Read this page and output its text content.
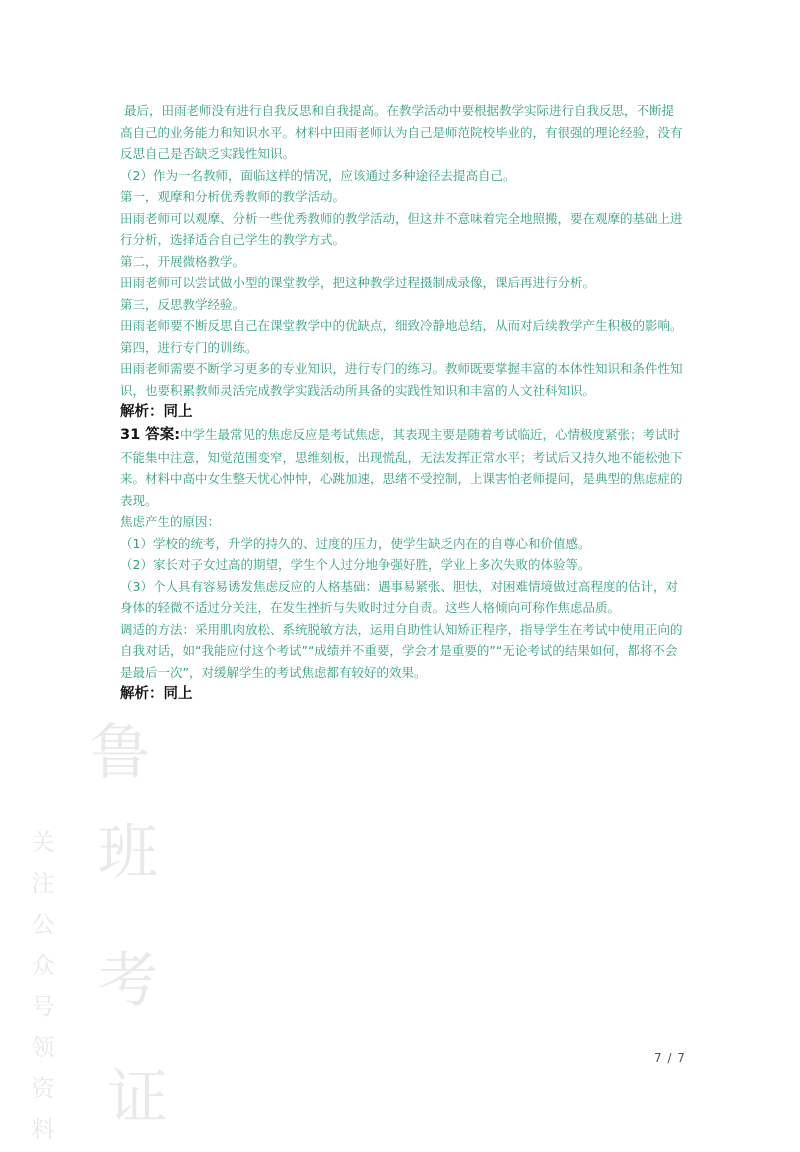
最后，田雨老师没有进行自我反思和自我提高。在教学活动中要根据教学实际进行自我反思，不断提高自己的业务能力和知识水平。材料中田雨老师认为自己是师范院校毕业的，有很强的理论经验，没有反思自己是否缺乏实践性知识。

（2）作为一名教师，面临这样的情况，应该通过多种途径去提高自己。

第一，观摩和分析优秀教师的教学活动。

田雨老师可以观摩、分析一些优秀教师的教学活动，但这并不意味着完全地照搬，要在观摩的基础上进行分析，选择适合自己学生的教学方式。

第二，开展微格教学。

田雨老师可以尝试做小型的课堂教学，把这种教学过程摄制成录像，课后再进行分析。

第三，反思教学经验。

田雨老师要不断反思自己在课堂教学中的优缺点，细致冷静地总结，从而对后续教学产生积极的影响。

第四，进行专门的训练。

田雨老师需要不断学习更多的专业知识，进行专门的练习。教师既要掌握丰富的本体性知识和条件性知识，也要积累教师灵活完成教学实践活动所具备的实践性知识和丰富的人文社科知识。

解析：同上

31 答案:中学生最常见的焦虑反应是考试焦虑，其表现主要是随着考试临近，心情极度紧张；考试时不能集中注意，知觉范围变窄，思维刻板，出现慌乱，无法发挥正常水平；考试后又持久地不能松弛下来。材料中高中女生整天忧心忡忡，心跳加速，思绪不受控制，上课害怕老师提问，是典型的焦虑症的表现。

焦虑产生的原因：

（1）学校的统考，升学的持久的、过度的压力，使学生缺乏内在的自尊心和价值感。

（2）家长对子女过高的期望，学生个人过分地争强好胜，学业上多次失败的体验等。

（3）个人具有容易诱发焦虑反应的人格基础：遇事易紧张、胆怯，对困难情境做过高程度的估计，对身体的轻微不适过分关注，在发生挫折与失败时过分自责。这些人格倾向可称作焦虑品质。

调适的方法：采用肌肉放松、系统脱敏方法，运用自助性认知矫正程序，指导学生在考试中使用正向的自我对话，如“我能应付这个考试”“成绩并不重要，学会才是重要的”“无论考试的结果如何，都将不会是最后一次”，对缓解学生的考试焦虑都有较好的效果。

解析：同上

鲁
班
考
证
关
注
公
众
号
领
资
料
7 / 7
